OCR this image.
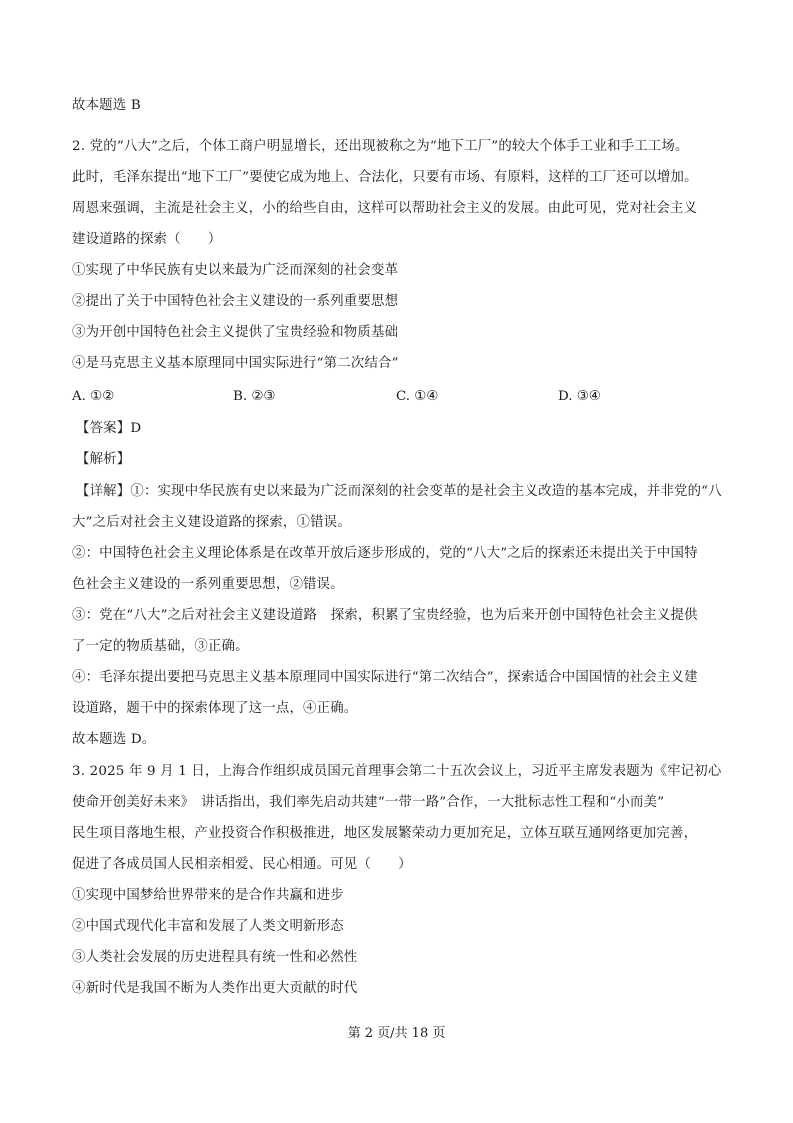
故本题选 B
2. 党的“八大”之后，个体工商户明显增长，还出现被称之为“地下工厂”的较大个体手工业和手工工场。
此时，毛泽东提出“地下工厂”要使它成为地上、合法化，只要有市场、有原料，这样的工厂还可以增加。
周恩来强调，主流是社会主义，小的给些自由，这样可以帮助社会主义的发展。由此可见，党对社会主义
建设道路的探索（　　）
①实现了中华民族有史以来最为广泛而深刻的社会变革
②提出了关于中国特色社会主义建设的一系列重要思想
③为开创中国特色社会主义提供了宝贵经验和物质基础
④是马克思主义基本原理同中国实际进行“第二次结合”
A. ①②	B. ②③	C. ①④	D. ③④
【答案】D
【解析】
【详解】①：实现中华民族有史以来最为广泛而深刻的社会变革的是社会主义改造的基本完成，并非党的“八
大”之后对社会主义建设道路的探索，①错误。
②：中国特色社会主义理论体系是在改革开放后逐步形成的，党的“八大”之后的探索还未提出关于中国特
色社会主义建设的一系列重要思想，②错误。
③：党在“八大”之后对社会主义建设道路　探索，积累了宝贵经验，也为后来开创中国特色社会主义提供
了一定的物质基础，③正确。
④：毛泽东提出要把马克思主义基本原理同中国实际进行“第二次结合”，探索适合中国国情的社会主义建
设道路，题干中的探索体现了这一点，④正确。
故本题选 D。
3. 2025 年 9 月 1 日，上海合作组织成员国元首理事会第二十五次会议上，习近平主席发表题为《牢记初心
使命开创美好未来》　讲话指出，我们率先启动共建“一带一路”合作，一大批标志性工程和“小而美”
民生项目落地生根，产业投资合作积极推进，地区发展繁荣动力更加充足，立体互联互通网络更加完善，
促进了各成员国人民相亲相爱、民心相通。可见（　　）
①实现中国梦给世界带来的是合作共赢和进步
②中国式现代化丰富和发展了人类文明新形态
③人类社会发展的历史进程具有统一性和必然性
④新时代是我国不断为人类作出更大贡献的时代
第 2 页/共 18 页
